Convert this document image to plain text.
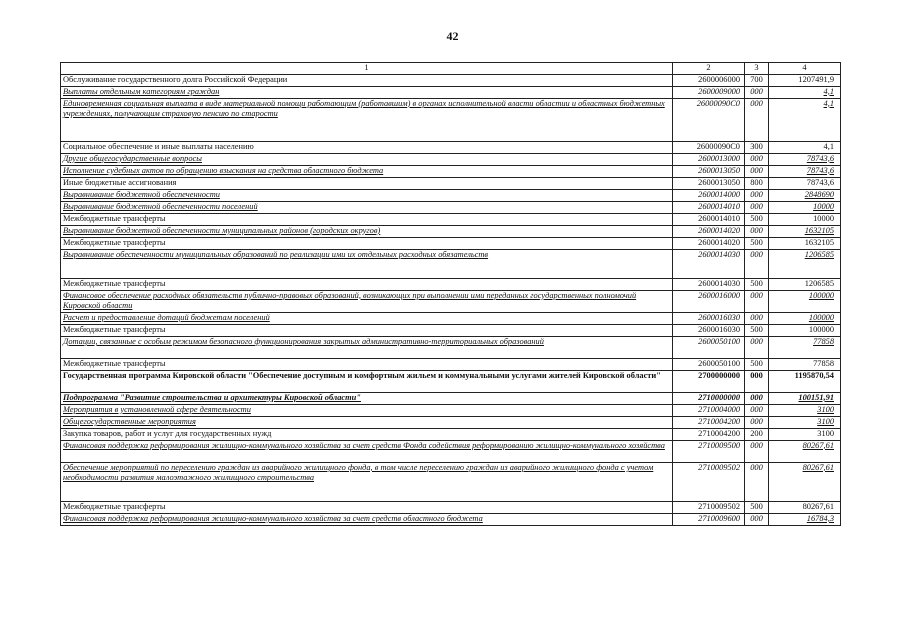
42
1	2	3	4
Обслуживание государственного долга Российской Федерации	2600006000	700	1207491,9
Выплаты отдельным категориям граждан	2600009000	000	4,1
Единовременная социальная выплата в виде материальной помощи работающим (работавшим) в органах исполнительной власти областии и областных бюджетных учреждениях, получающим страховую пенсию по старости	26000090C0	000	4,1
Социальное обеспечение и иные выплаты населению	26000090C0	300	4,1
Другие общегосударственные вопросы	2600013000	000	78743,6
Исполнение судебных актов по обращению взыскания на средства областного бюджета	2600013050	000	78743,6
Иные бюджетные ассигнования	2600013050	800	78743,6
Выравнивание бюджетной обеспеченности	2600014000	000	2848690
Выравнивание бюджетной обеспеченности поселений	2600014010	000	10000
Межбюджетные трансферты	2600014010	500	10000
Выравнивание бюджетной обеспеченности муниципальных районов (городских округов)	2600014020	000	1632105
Межбюджетные трансферты	2600014020	500	1632105
Выравнивание обеспеченности муниципальных образований по реализации ими их отдельных расходных обязательств	2600014030	000	1206585
Межбюджетные трансферты	2600014030	500	1206585
Финансовое обеспечение расходных обязательств публично-правовых образований, возникающих при выполнении ими переданных государственных полномочий Кировской области	2600016000	000	100000
Расчет и предоставление дотаций бюджетам поселений	2600016030	000	100000
Межбюджетные трансферты	2600016030	500	100000
Дотации, связанные с особым режимом безопасного функционирования закрытых административно-территориальных образований	2600050100	000	77858
Межбюджетные трансферты	2600050100	500	77858
Государственная программа Кировской области "Обеспечение доступным и комфортным жильем и коммунальными услугами жителей Кировской области"	2700000000	000	1195870,54
Подпрограмма "Развитие строительства и архитектуры Кировской области"	2710000000	000	100151,91
Мероприятия в установленной сфере деятельности	2710004000	000	3100
Общегосударственные мероприятия	2710004200	000	3100
Закупка товаров, работ и услуг для государственных нужд	2710004200	200	3100
Финансовая поддержка реформирования жилищно-коммунального хозяйства за счет средств Фонда содействия реформированию жилищно-коммунального хозяйства	2710009500	000	80267,61
Обеспечение мероприятий по переселению граждан из аварийного жилищного фонда, в том числе переселению граждан из аварийного жилищного фонда с учетом необходимости развития малоэтажного жилищного строительства	2710009502	000	80267,61
Межбюджетные трансферты	2710009502	500	80267,61
Финансовая поддержка реформирования жилищно-коммунального хозяйства за счет средств областного бюджета	2710009600	000	16784,3
